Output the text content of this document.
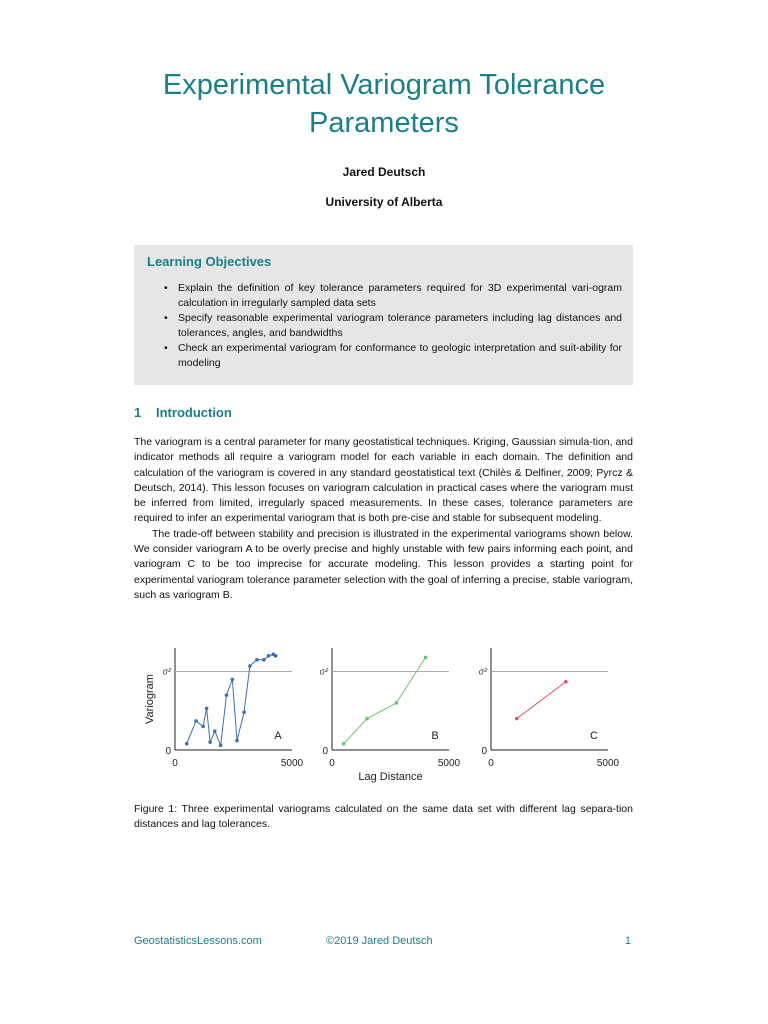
Experimental Variogram Tolerance Parameters
Jared Deutsch
University of Alberta
Learning Objectives
• Explain the definition of key tolerance parameters required for 3D experimental vari-ogram calculation in irregularly sampled data sets
• Specify reasonable experimental variogram tolerance parameters including lag distances and tolerances, angles, and bandwidths
• Check an experimental variogram for conformance to geologic interpretation and suit-ability for modeling
1 Introduction

The variogram is a central parameter for many geostatistical techniques. Kriging, Gaussian simula-tion, and indicator methods all require a variogram model for each variable in each domain. The definition and calculation of the variogram is covered in any standard geostatistical text (Chilès & Delfiner, 2009; Pyrcz & Deutsch, 2014). This lesson focuses on variogram calculation in practical cases where the variogram must be inferred from limited, irregularly spaced measurements. In these cases, tolerance parameters are required to infer an experimental variogram that is both pre-cise and stable for subsequent modeling.

The trade-off between stability and precision is illustrated in the experimental variograms shown below. We consider variogram A to be overly precise and highly unstable with few pairs informing each point, and variogram C to be too imprecise for accurate modeling. This lesson provides a starting point for experimental variogram tolerance parameter selection with the goal of inferring a precise, stable variogram, such as variogram B.

0
σ²
0	5000
A
Variogram
0
σ²
0	5000
B
Lag Distance
0
σ²
0	5000
C
Figure 1: Three experimental variograms calculated on the same data set with different lag separa-tion distances and lag tolerances.
GeostatisticsLessons.com	©2019 Jared Deutsch	1
